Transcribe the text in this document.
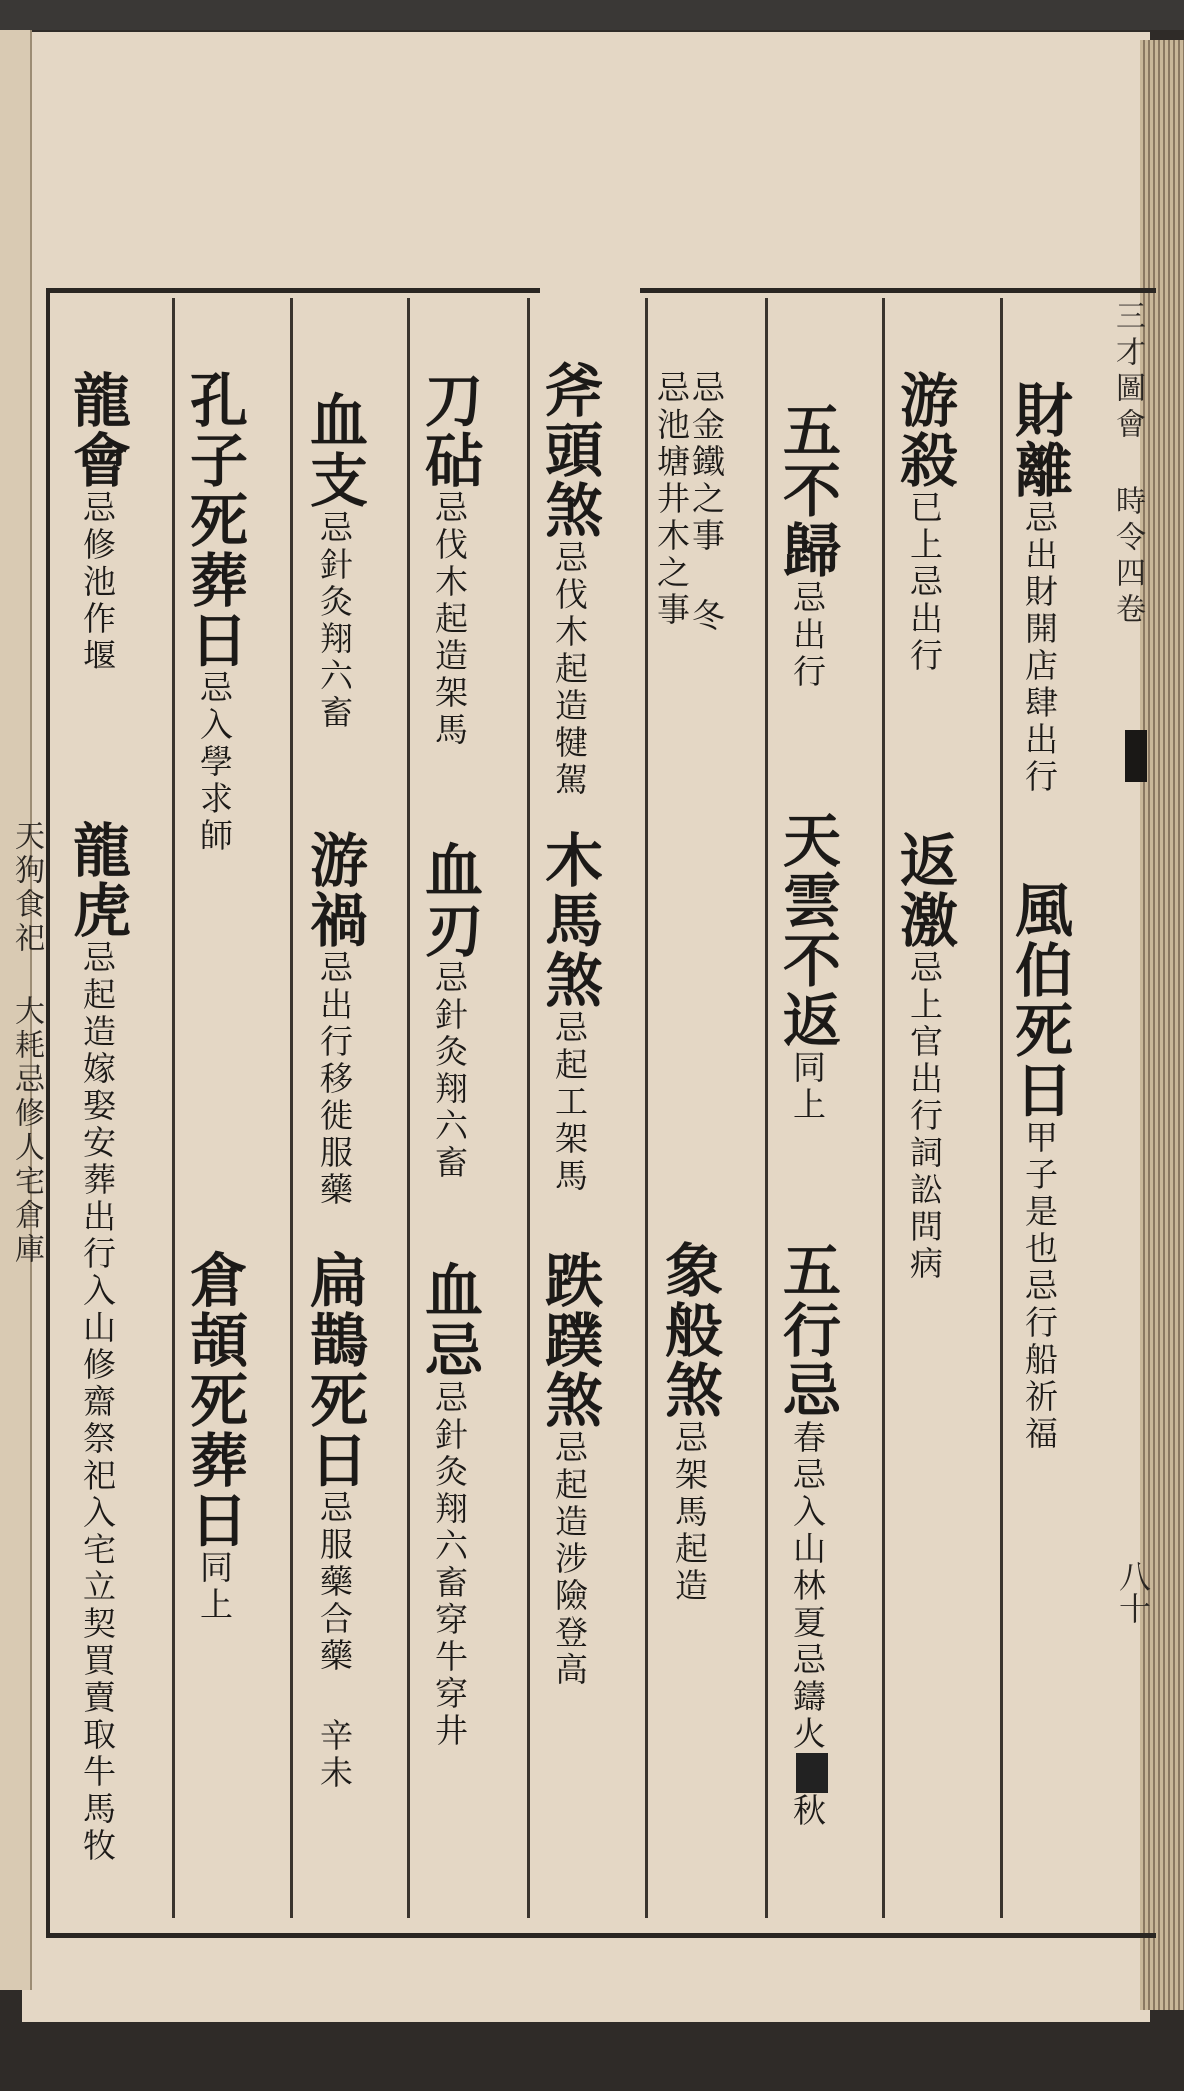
天狗食祀 大耗忌修人宅倉庫
三才圖會 時令四卷
八十
財離忌出財開店肆出行
風伯死日甲子是也忌行船祈福
游殺已上忌出行
返激忌上官出行詞訟問病
五不歸忌出行
天雲不返同上
五行忌春忌入山林夏忌鑄火秋
忌金鐵之事 冬
忌池塘井木之事
象般煞忌架馬起造
斧頭煞忌伐木起造犍駕
木馬煞忌起工架馬
跌蹼煞忌起造涉險登高
刀砧忌伐木起造架馬
血刃忌針灸翔六畜
血忌忌針灸翔六畜穿牛穿井
血支忌針灸翔六畜
游禍忌出行移徙服藥
扁鵲死日忌服藥合藥 辛未
孔子死葬日忌入學求師
倉頡死葬日同上
龍會忌修池作堰
龍虎忌起造嫁娶安葬出行入山修齋祭祀入宅立契買賣取牛馬牧
